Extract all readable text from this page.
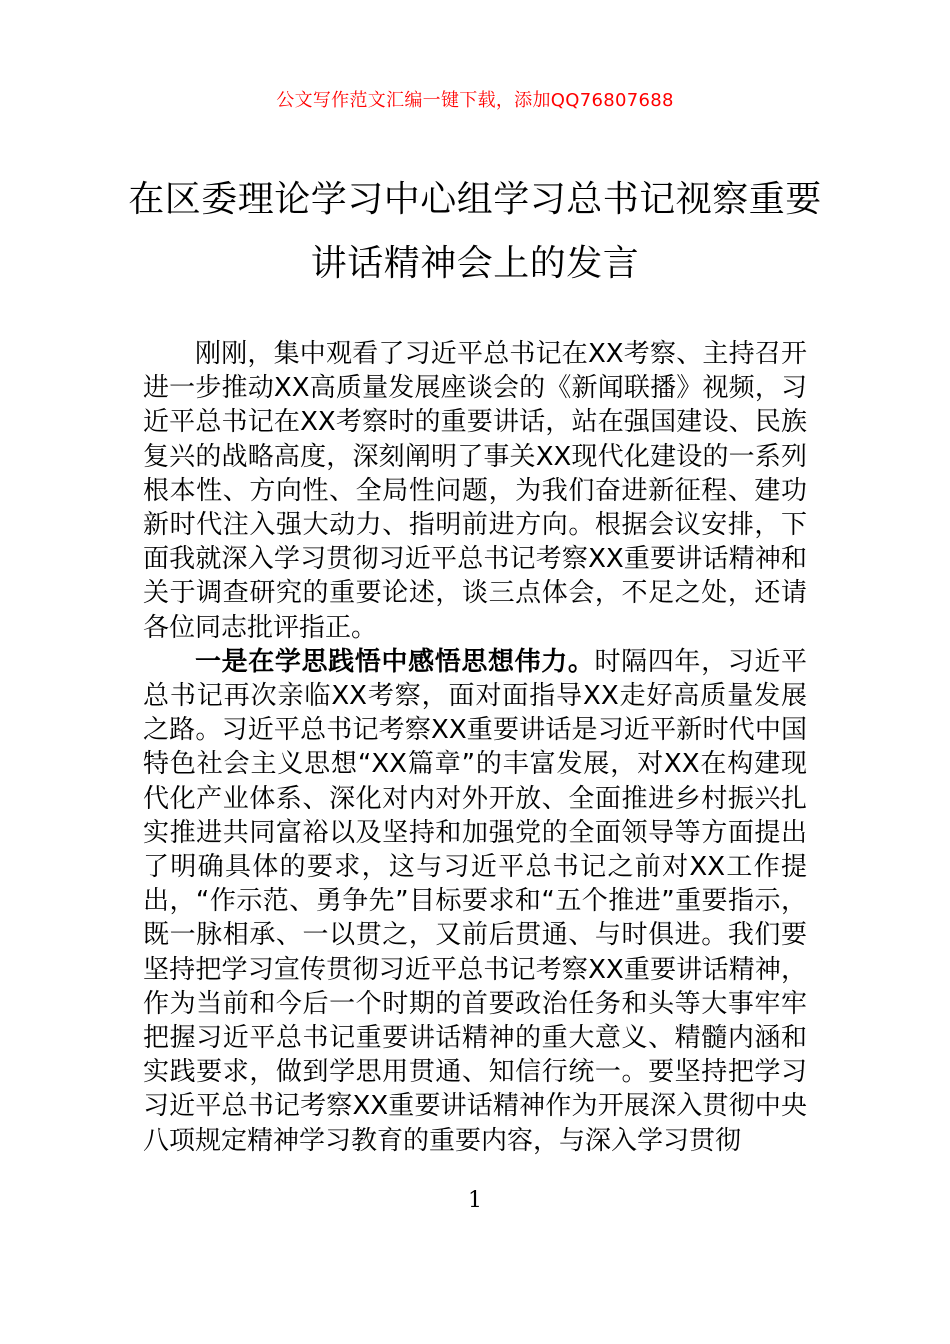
公文写作范文汇编一键下载，添加QQ76807688
在区委理论学习中心组学习总书记视察重要讲话精神会上的发言

刚刚，集中观看了习近平总书记在XX考察、主持召开进一步推动XX高质量发展座谈会的《新闻联播》视频，习近平总书记在XX考察时的重要讲话，站在强国建设、民族复兴的战略高度，深刻阐明了事关XX现代化建设的一系列根本性、方向性、全局性问题，为我们奋进新征程、建功新时代注入强大动力、指明前进方向。根据会议安排，下面我就深入学习贯彻习近平总书记考察XX重要讲话精神和关于调查研究的重要论述，谈三点体会，不足之处，还请各位同志批评指正。

一是在学思践悟中感悟思想伟力。时隔四年，习近平总书记再次亲临XX考察，面对面指导XX走好高质量发展之路。习近平总书记考察XX重要讲话是习近平新时代中国特色社会主义思想“XX篇章”的丰富发展，对XX在构建现代化产业体系、深化对内对外开放、全面推进乡村振兴扎实推进共同富裕以及坚持和加强党的全面领导等方面提出了明确具体的要求，这与习近平总书记之前对XX工作提出，“作示范、勇争先”目标要求和“五个推进”重要指示，既一脉相承、一以贯之，又前后贯通、与时俱进。我们要坚持把学习宣传贯彻习近平总书记考察XX重要讲话精神，作为当前和今后一个时期的首要政治任务和头等大事牢牢把握习近平总书记重要讲话精神的重大意义、精髓内涵和实践要求，做到学思用贯通、知信行统一。要坚持把学习习近平总书记考察XX重要讲话精神作为开展深入贯彻中央八项规定精神学习教育的重要内容，与深入学习贯彻

1
